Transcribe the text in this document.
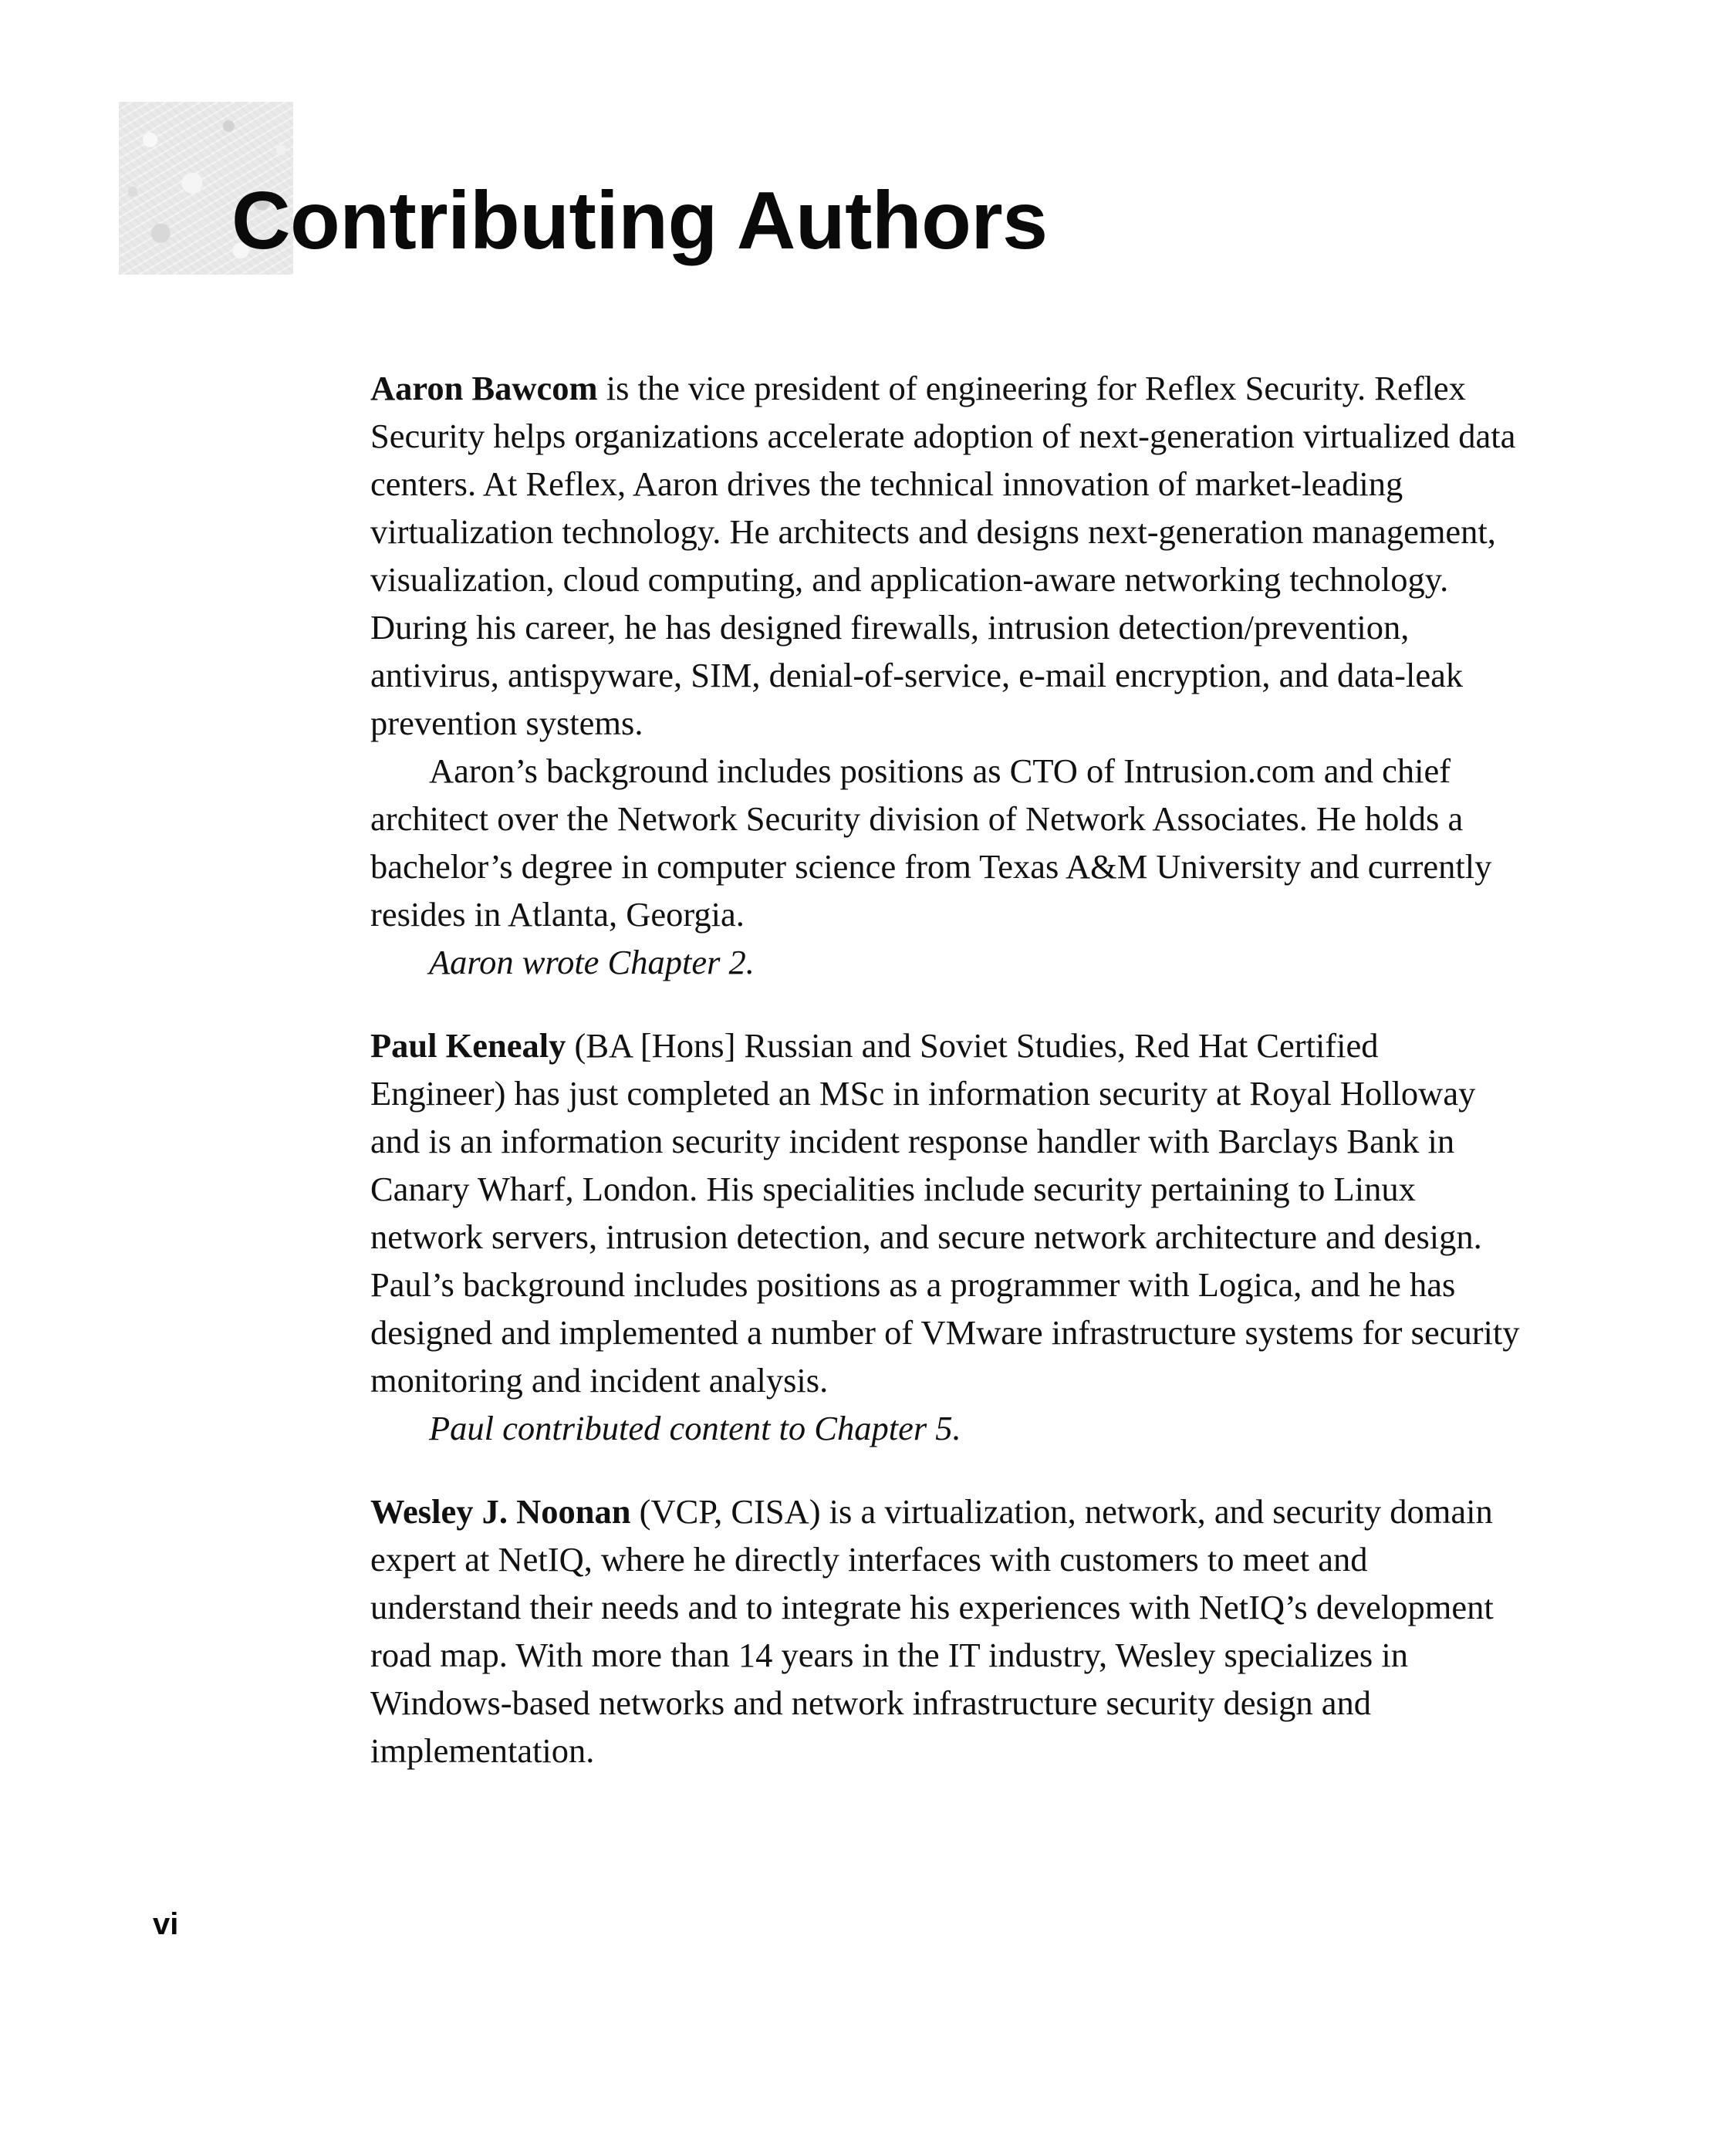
Contributing Authors

Aaron Bawcom is the vice president of engineering for Reflex Security. Reflex Security helps organizations accelerate adoption of next-generation virtualized data centers. At Reflex, Aaron drives the technical innovation of market-leading virtualization technology. He architects and designs next-generation management, visualization, cloud computing, and application-aware networking technology. During his career, he has designed firewalls, intrusion detection/prevention, antivirus, antispyware, SIM, denial-of-service, e-mail encryption, and data-leak prevention systems.

Aaron’s background includes positions as CTO of Intrusion.com and chief architect over the Network Security division of Network Associates. He holds a bachelor’s degree in computer science from Texas A&M University and currently resides in Atlanta, Georgia.

Aaron wrote Chapter 2.

Paul Kenealy (BA [Hons] Russian and Soviet Studies, Red Hat Certified Engineer) has just completed an MSc in information security at Royal Holloway and is an information security incident response handler with Barclays Bank in Canary Wharf, London. His specialities include security pertaining to Linux network servers, intrusion detection, and secure network architecture and design. Paul’s background includes positions as a programmer with Logica, and he has designed and implemented a number of VMware infrastructure systems for security monitoring and incident analysis.

Paul contributed content to Chapter 5.

Wesley J. Noonan (VCP, CISA) is a virtualization, network, and security domain expert at NetIQ, where he directly interfaces with customers to meet and understand their needs and to integrate his experiences with NetIQ’s development road map. With more than 14 years in the IT industry, Wesley specializes in Windows-based networks and network infrastructure security design and implementation.

vi
